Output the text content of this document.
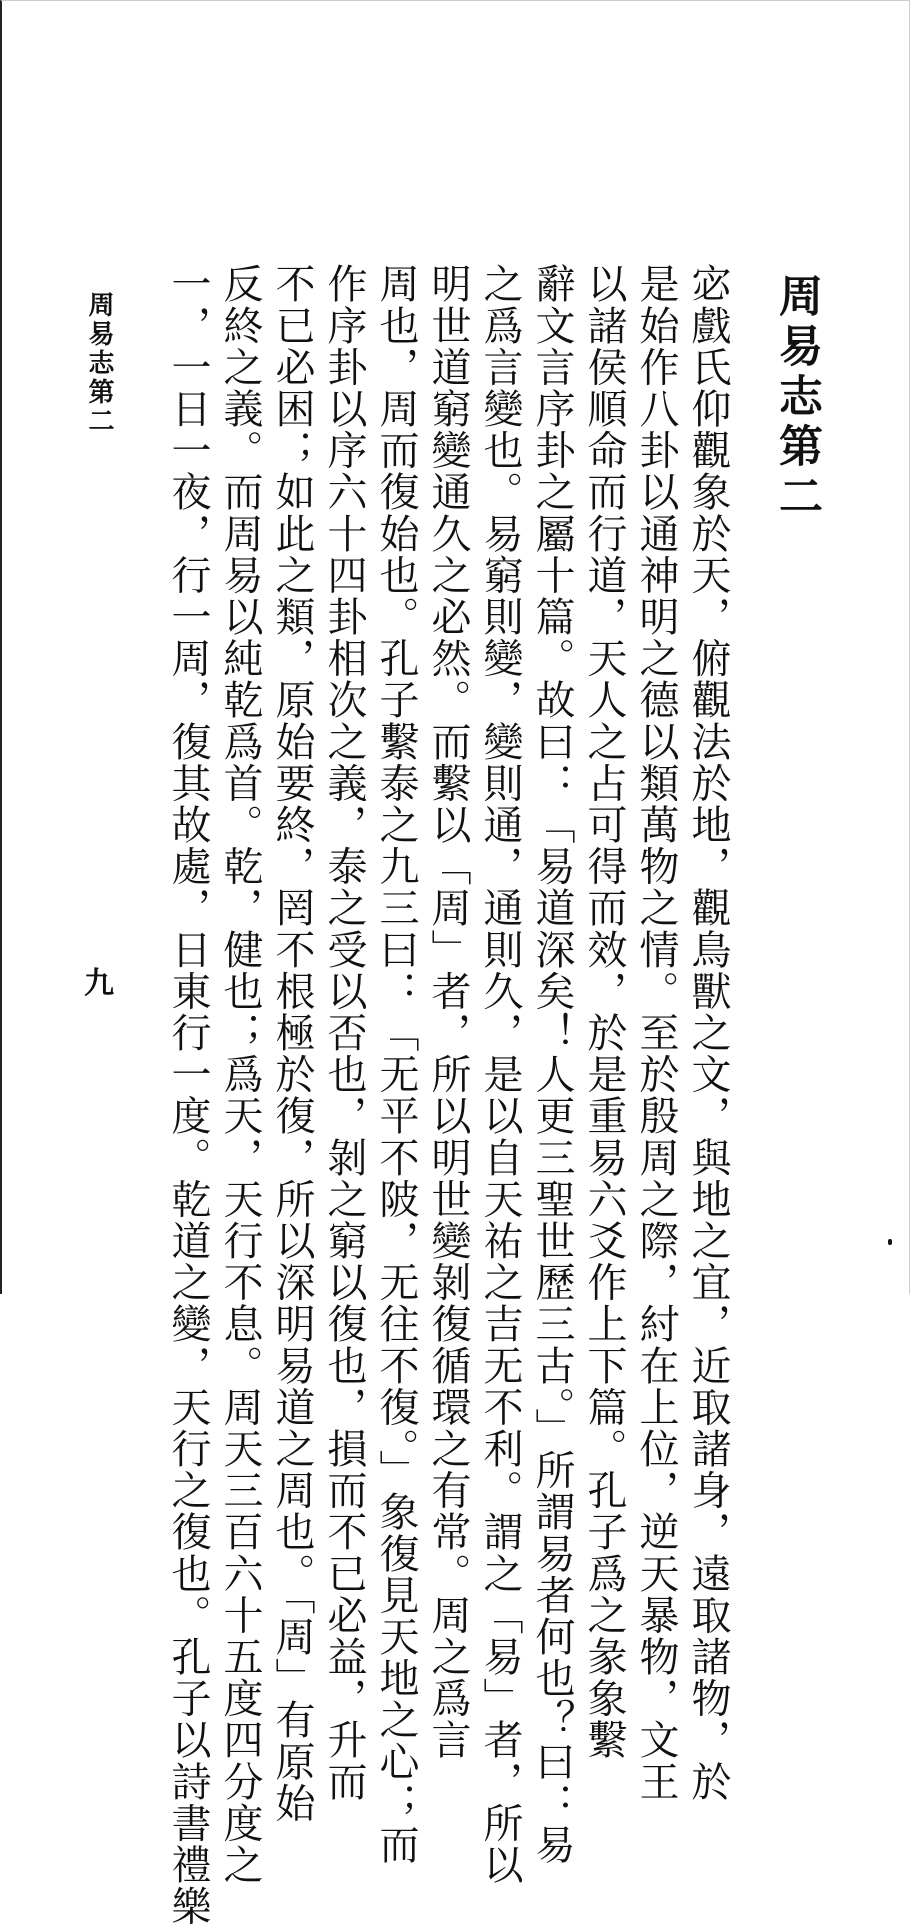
周易志第二
宓戲氏仰觀象於天，俯觀法於地，觀鳥獸之文，與地之宜，近取諸身，遠取諸物，於
是始作八卦以通神明之德以類萬物之情。至於殷周之際，紂在上位，逆天暴物，文王
以諸侯順命而行道，天人之占可得而效，於是重易六爻作上下篇。孔子爲之彖象繫
辭文言序卦之屬十篇。故曰：「易道深矣！人更三聖世歷三古。」所謂易者何也？曰：易
之爲言變也。易窮則變，變則通，通則久，是以自天祐之吉无不利。謂之「易」者，所以
明世道窮變通久之必然。而繫以「周」者，所以明世變剝復循環之有常。周之爲言
周也，周而復始也。孔子繫泰之九三曰：「无平不陂，无往不復。」象復見天地之心；而
作序卦以序六十四卦相次之義，泰之受以否也，剝之窮以復也，損而不已必益，升而
不已必困；如此之類，原始要終，罔不根極於復，所以深明易道之周也。「周」有原始
反終之義。而周易以純乾爲首。乾，健也；爲天，天行不息。周天三百六十五度四分度之
一，一日一夜，行一周，復其故處，日東行一度。乾道之變，天行之復也。孔子以詩書禮樂
周易志第二
九
